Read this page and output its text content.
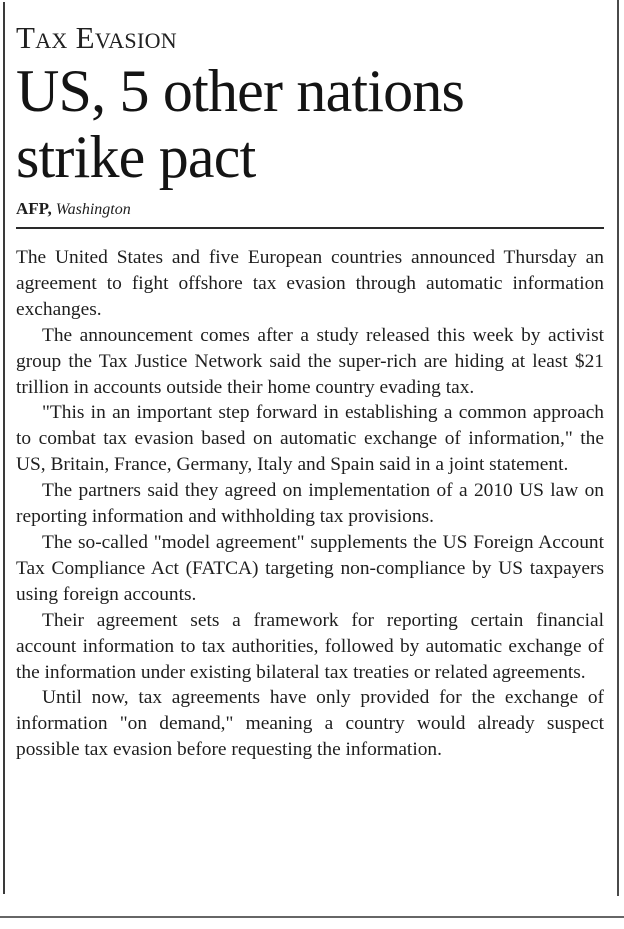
Tax Evasion
US, 5 other nations strike pact
AFP, Washington

The United States and five European countries announced Thursday an agreement to fight offshore tax evasion through automatic information exchanges.

The announcement comes after a study released this week by activist group the Tax Justice Network said the super-rich are hiding at least $21 trillion in accounts outside their home country evading tax.

"This in an important step forward in establishing a common approach to combat tax evasion based on automatic exchange of information," the US, Britain, France, Germany, Italy and Spain said in a joint statement.

The partners said they agreed on implementation of a 2010 US law on reporting information and withholding tax provisions.

The so-called "model agreement" supplements the US Foreign Account Tax Compliance Act (FATCA) targeting non-compliance by US taxpayers using foreign accounts.

Their agreement sets a framework for reporting certain financial account information to tax authorities, followed by automatic exchange of the information under existing bilateral tax treaties or related agreements.

Until now, tax agreements have only provided for the exchange of information "on demand," meaning a country would already suspect possible tax evasion before requesting the information.
